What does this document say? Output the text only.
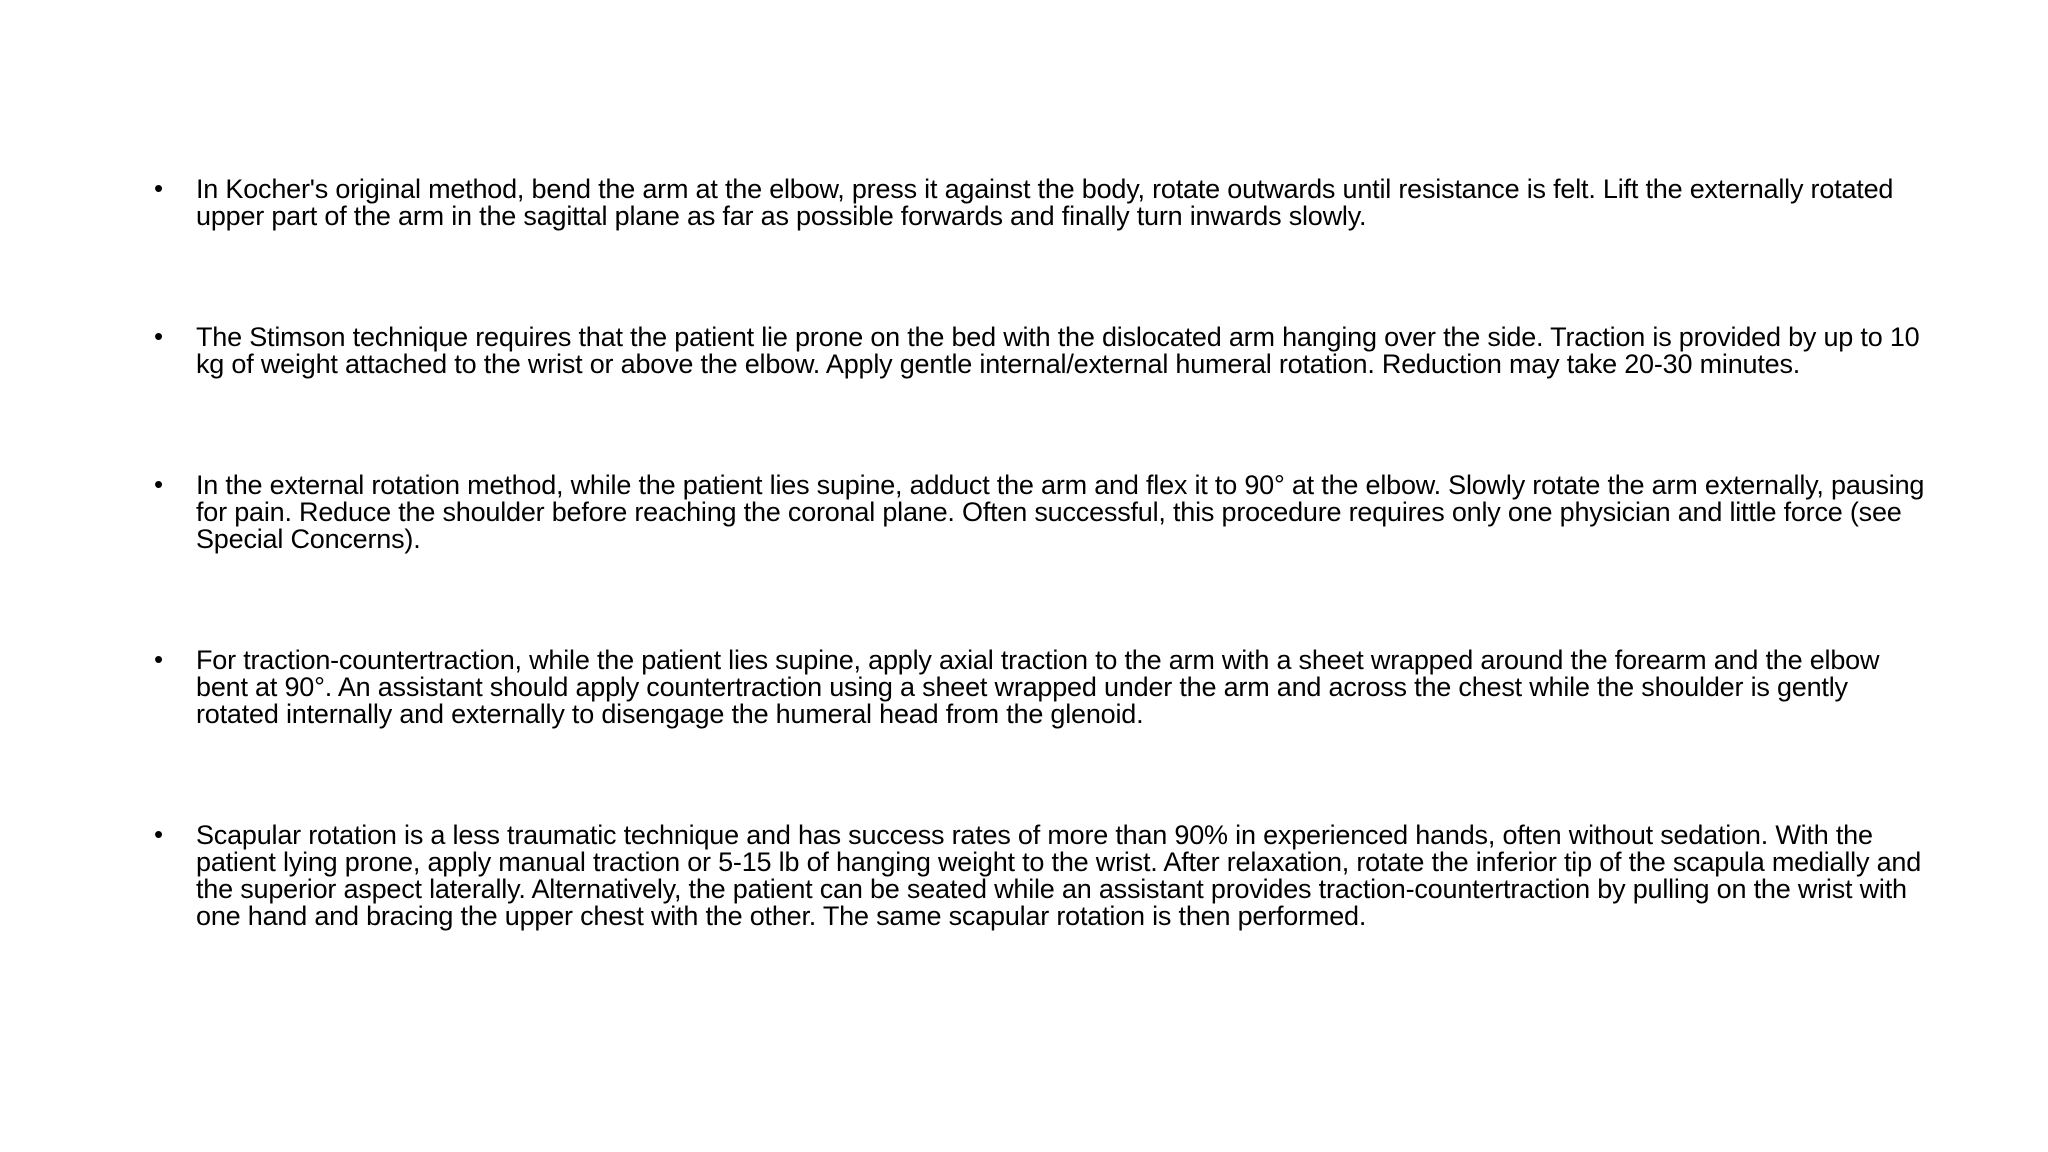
• In Kocher's original method, bend the arm at the elbow, press it against the body, rotate outwards until resistance is felt. Lift the externally rotated upper part of the arm in the sagittal plane as far as possible forwards and finally turn inwards slowly.
• The Stimson technique requires that the patient lie prone on the bed with the dislocated arm hanging over the side. Traction is provided by up to 10 kg of weight attached to the wrist or above the elbow. Apply gentle internal/external humeral rotation. Reduction may take 20-30 minutes.
• In the external rotation method, while the patient lies supine, adduct the arm and flex it to 90° at the elbow. Slowly rotate the arm externally, pausing for pain. Reduce the shoulder before reaching the coronal plane. Often successful, this procedure requires only one physician and little force (see Special Concerns).
• For traction-countertraction, while the patient lies supine, apply axial traction to the arm with a sheet wrapped around the forearm and the elbow bent at 90°. An assistant should apply countertraction using a sheet wrapped under the arm and across the chest while the shoulder is gently rotated internally and externally to disengage the humeral head from the glenoid.
• Scapular rotation is a less traumatic technique and has success rates of more than 90% in experienced hands, often without sedation. With the patient lying prone, apply manual traction or 5-15 lb of hanging weight to the wrist. After relaxation, rotate the inferior tip of the scapula medially and the superior aspect laterally. Alternatively, the patient can be seated while an assistant provides traction-countertraction by pulling on the wrist with one hand and bracing the upper chest with the other. The same scapular rotation is then performed.
